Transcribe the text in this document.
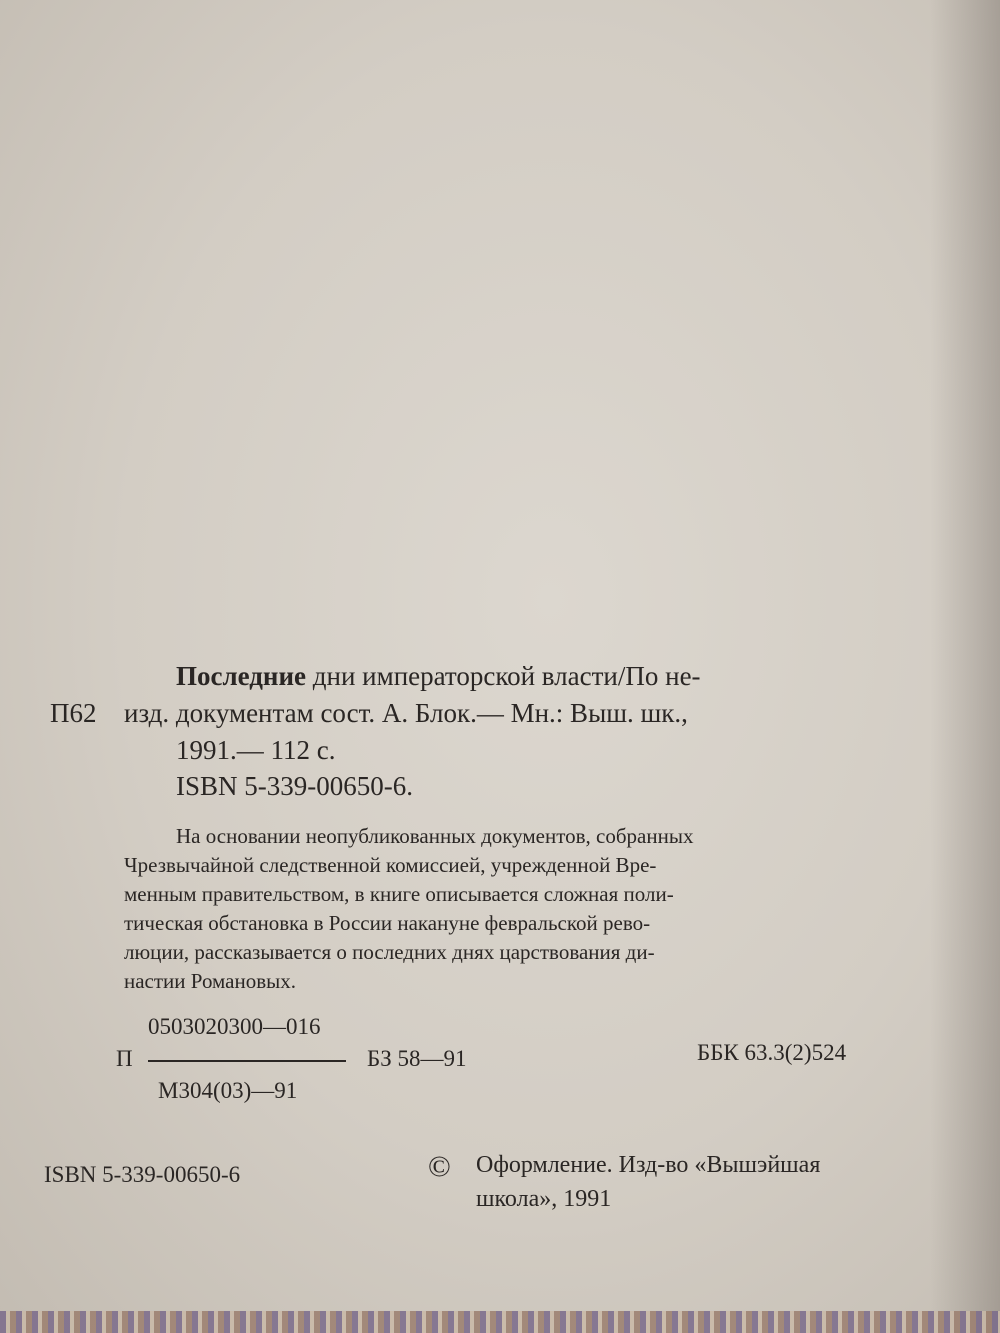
Последние дни императорской власти/По не-
П62 изд. документам сост. А. Блок.— Мн.: Выш. шк.,
1991.— 112 с.
ISBN 5-339-00650-6.
На основании неопубликованных документов, собранных
Чрезвычайной следственной комиссией, учрежденной Вре-
менным правительством, в книге описывается сложная поли-
тическая обстановка в России накануне февральской рево-
люции, рассказывается о последних днях царствования ди-
настии Романовых.
0503020300—016
П
М304(03)—91
БЗ 58—91	ББК 63.3(2)524
ISBN 5-339-00650-6	©	Оформление. Изд-во «Вышэйшая
школа», 1991
